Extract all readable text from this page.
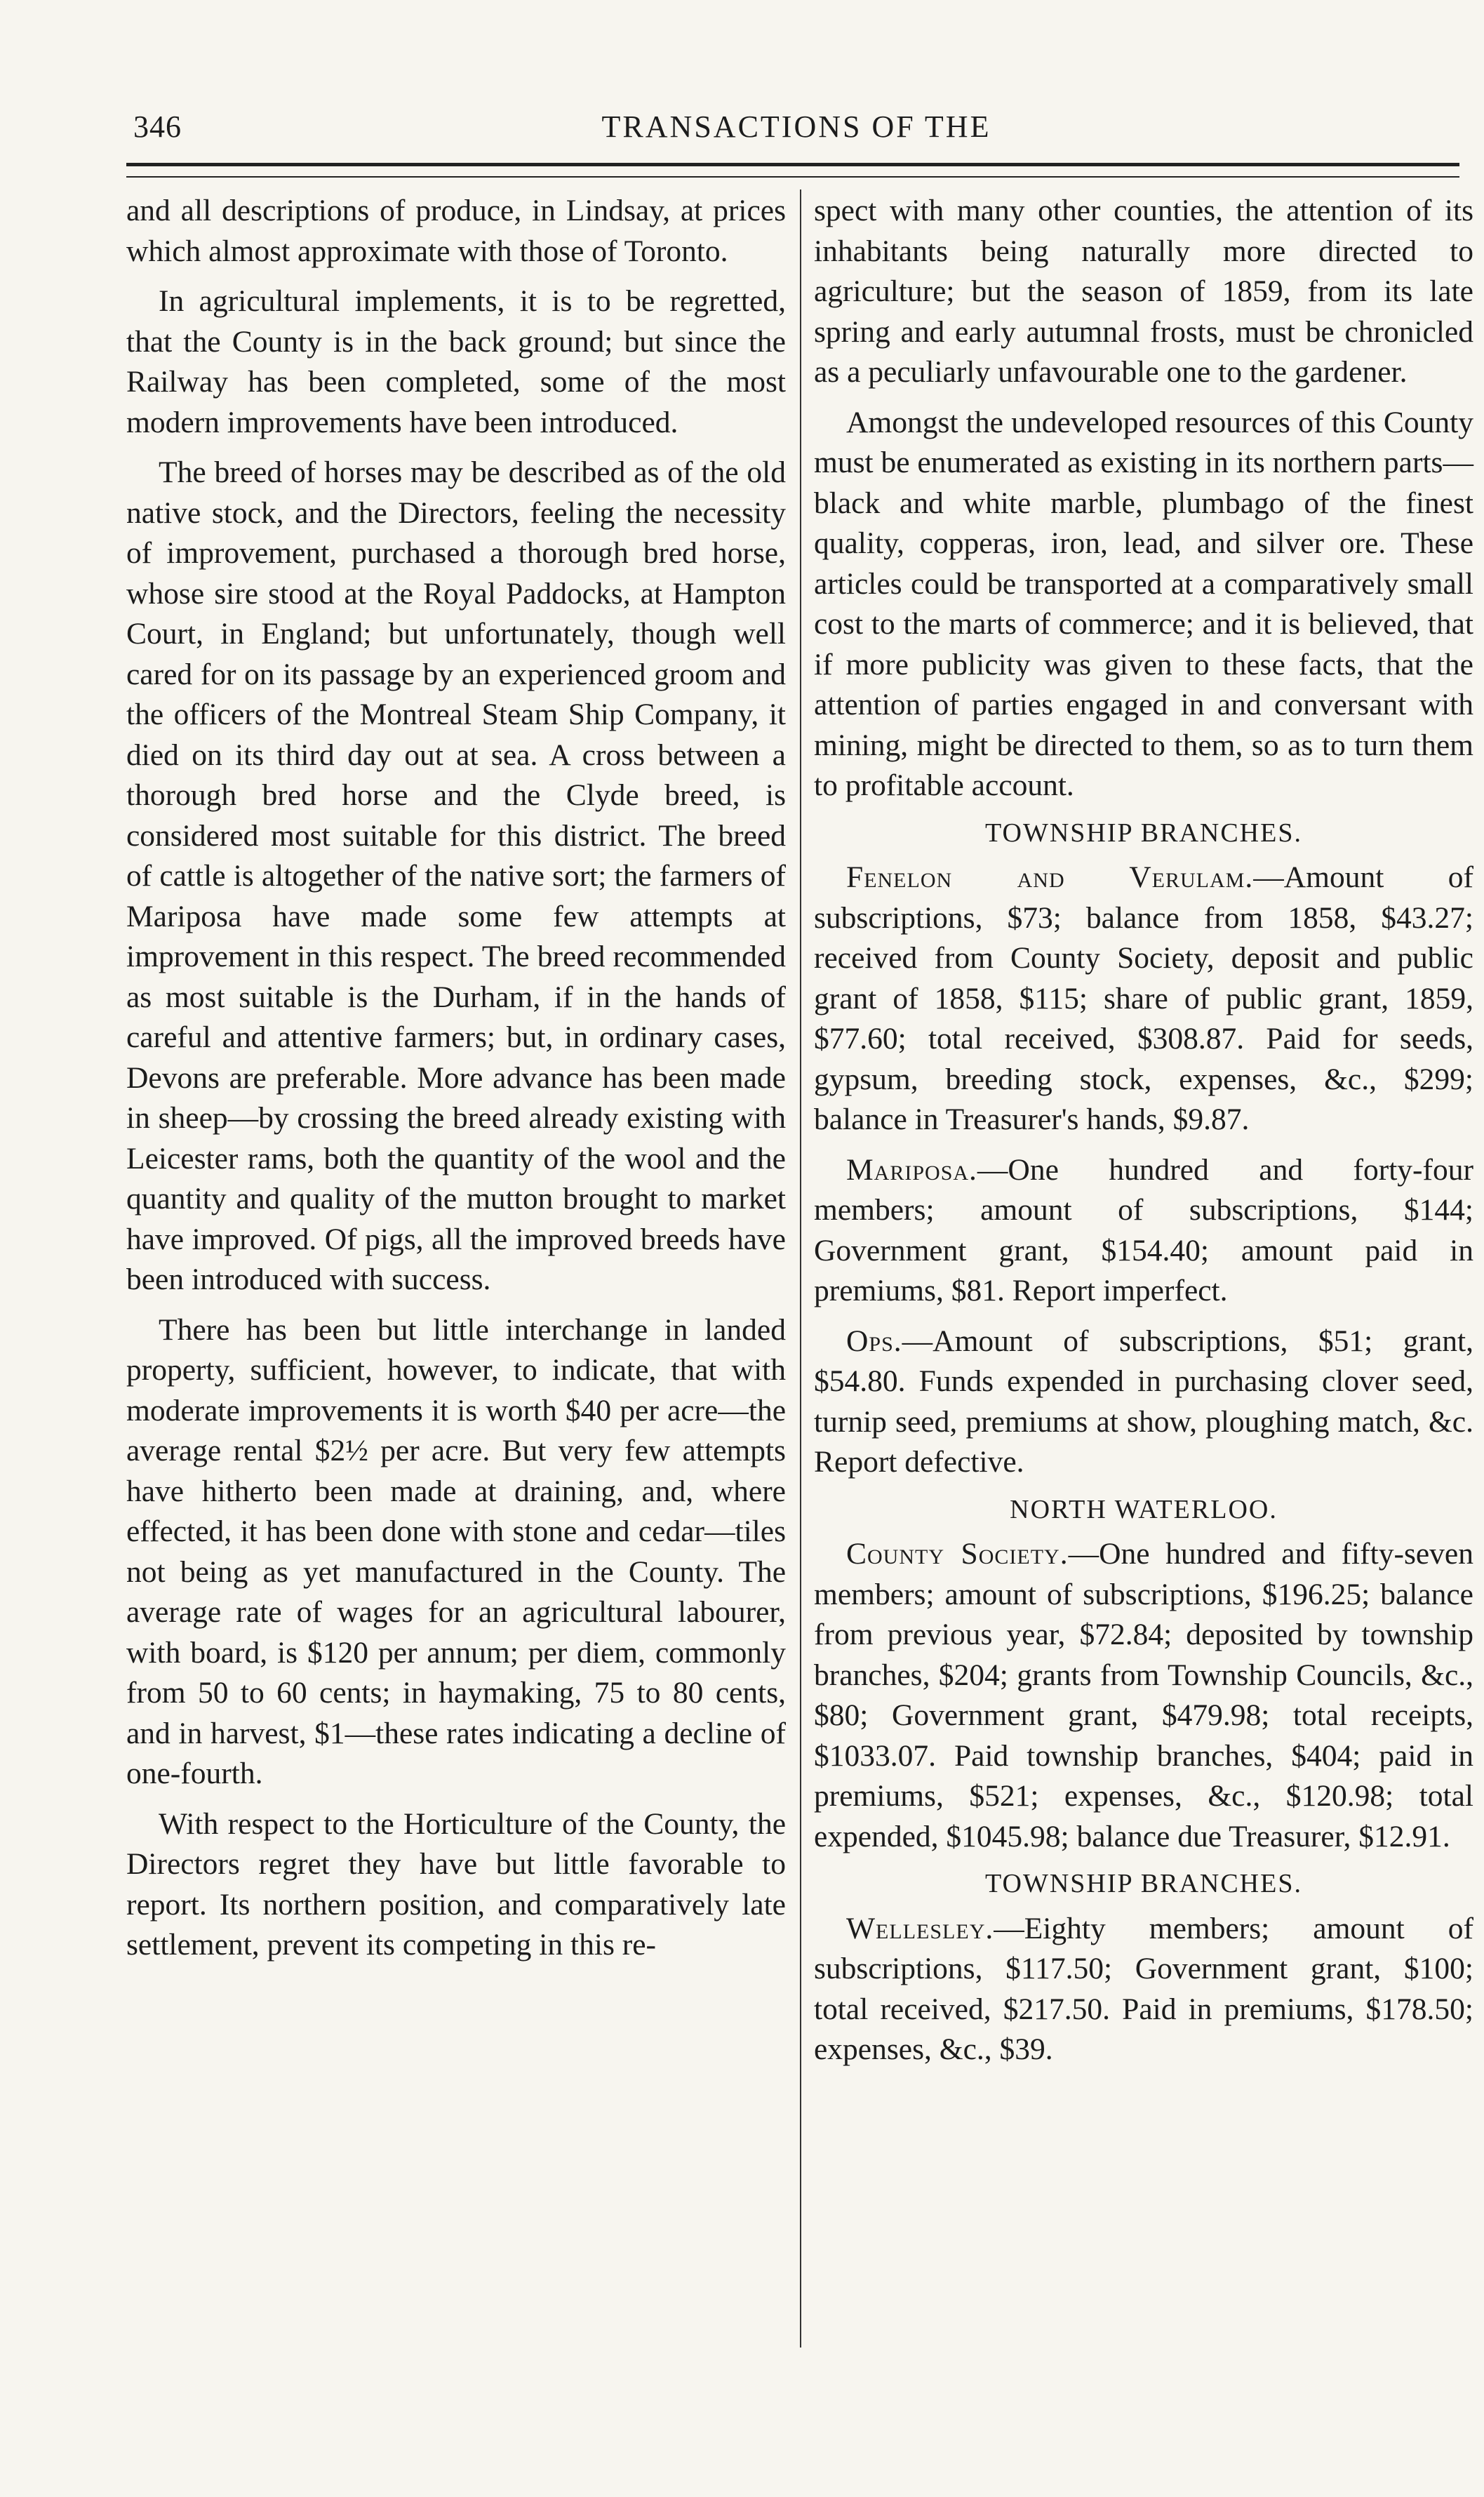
TRANSACTIONS OF THE
346

and all descriptions of produce, in Lindsay, at prices which almost approximate with those of Toronto.

In agricultural implements, it is to be regretted, that the County is in the back ground; but since the Railway has been completed, some of the most modern improvements have been introduced.

The breed of horses may be described as of the old native stock, and the Directors, feeling the necessity of improvement, purchased a thorough bred horse, whose sire stood at the Royal Paddocks, at Hampton Court, in England; but unfortunately, though well cared for on its passage by an experienced groom and the officers of the Montreal Steam Ship Company, it died on its third day out at sea. A cross between a thorough bred horse and the Clyde breed, is considered most suitable for this district. The breed of cattle is altogether of the native sort; the farmers of Mariposa have made some few attempts at improvement in this respect. The breed recommended as most suitable is the Durham, if in the hands of careful and attentive farmers; but, in ordinary cases, Devons are preferable. More advance has been made in sheep—by crossing the breed already existing with Leicester rams, both the quantity of the wool and the quantity and quality of the mutton brought to market have improved. Of pigs, all the improved breeds have been introduced with success.

There has been but little interchange in landed property, sufficient, however, to indicate, that with moderate improvements it is worth $40 per acre—the average rental $2½ per acre. But very few attempts have hitherto been made at draining, and, where effected, it has been done with stone and cedar—tiles not being as yet manufactured in the County. The average rate of wages for an agricultural labourer, with board, is $120 per annum; per diem, commonly from 50 to 60 cents; in haymaking, 75 to 80 cents, and in harvest, $1—these rates indicating a decline of one-fourth.

With respect to the Horticulture of the County, the Directors regret they have but little favorable to report. Its northern position, and comparatively late settlement, prevent its competing in this re-

spect with many other counties, the attention of its inhabitants being naturally more directed to agriculture; but the season of 1859, from its late spring and early autumnal frosts, must be chronicled as a peculiarly unfavourable one to the gardener.

Amongst the undeveloped resources of this County must be enumerated as existing in its northern parts—black and white marble, plumbago of the finest quality, copperas, iron, lead, and silver ore. These articles could be transported at a comparatively small cost to the marts of commerce; and it is believed, that if more publicity was given to these facts, that the attention of parties engaged in and conversant with mining, might be directed to them, so as to turn them to profitable account.

TOWNSHIP BRANCHES.

Fenelon and Verulam.—Amount of subscriptions, $73; balance from 1858, $43.27; received from County Society, deposit and public grant of 1858, $115; share of public grant, 1859, $77.60; total received, $308.87. Paid for seeds, gypsum, breeding stock, expenses, &c., $299; balance in Treasurer's hands, $9.87.

Mariposa.—One hundred and forty-four members; amount of subscriptions, $144; Government grant, $154.40; amount paid in premiums, $81. Report imperfect.

Ops.—Amount of subscriptions, $51; grant, $54.80. Funds expended in purchasing clover seed, turnip seed, premiums at show, ploughing match, &c. Report defective.

NORTH WATERLOO.

County Society.—One hundred and fifty-seven members; amount of subscriptions, $196.25; balance from previous year, $72.84; deposited by township branches, $204; grants from Township Councils, &c., $80; Government grant, $479.98; total receipts, $1033.07. Paid township branches, $404; paid in premiums, $521; expenses, &c., $120.98; total expended, $1045.98; balance due Treasurer, $12.91.

TOWNSHIP BRANCHES.

Wellesley.—Eighty members; amount of subscriptions, $117.50; Government grant, $100; total received, $217.50. Paid in premiums, $178.50; expenses, &c., $39.
